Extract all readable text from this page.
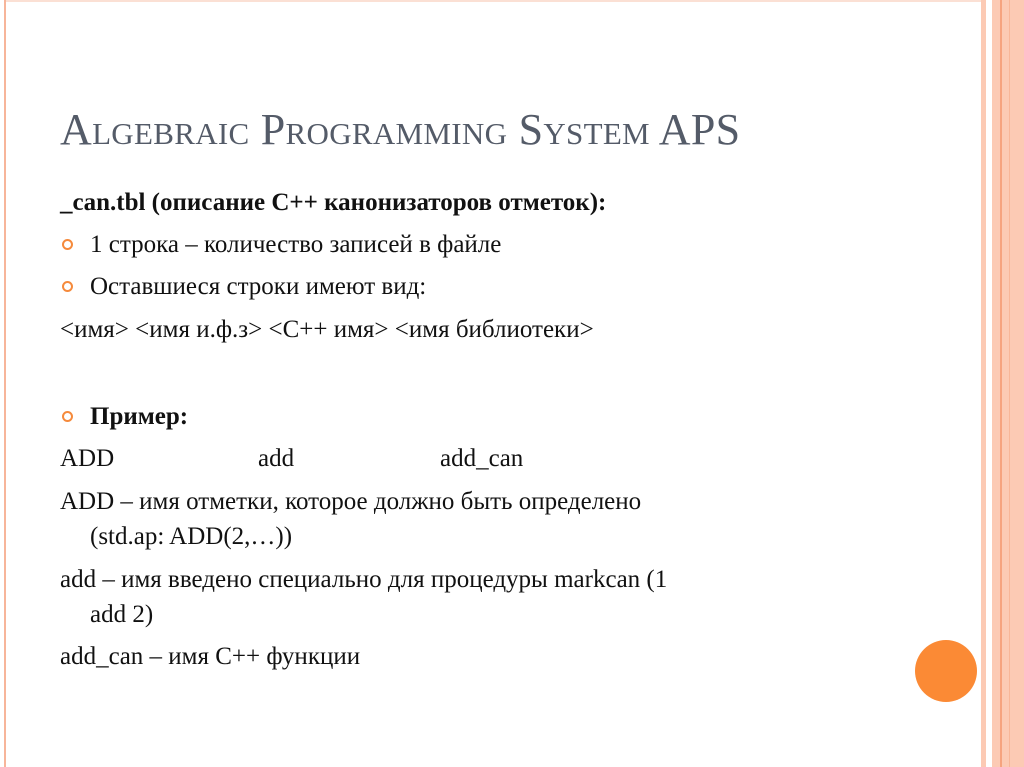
Algebraic Programming System APS
_can.tbl (описание C++ канонизаторов отметок):
1 строка – количество записей в файле
Оставшиеся строки имеют вид:
<имя> <имя и.ф.з> <C++ имя> <имя библиотеки>
Пример:
ADD	add	add_can
ADD – имя отметки, которое должно быть определено
(std.ap: ADD(2,…))
add – имя введено специально для процедуры markcan (1
add 2)
add_can – имя C++ функции
